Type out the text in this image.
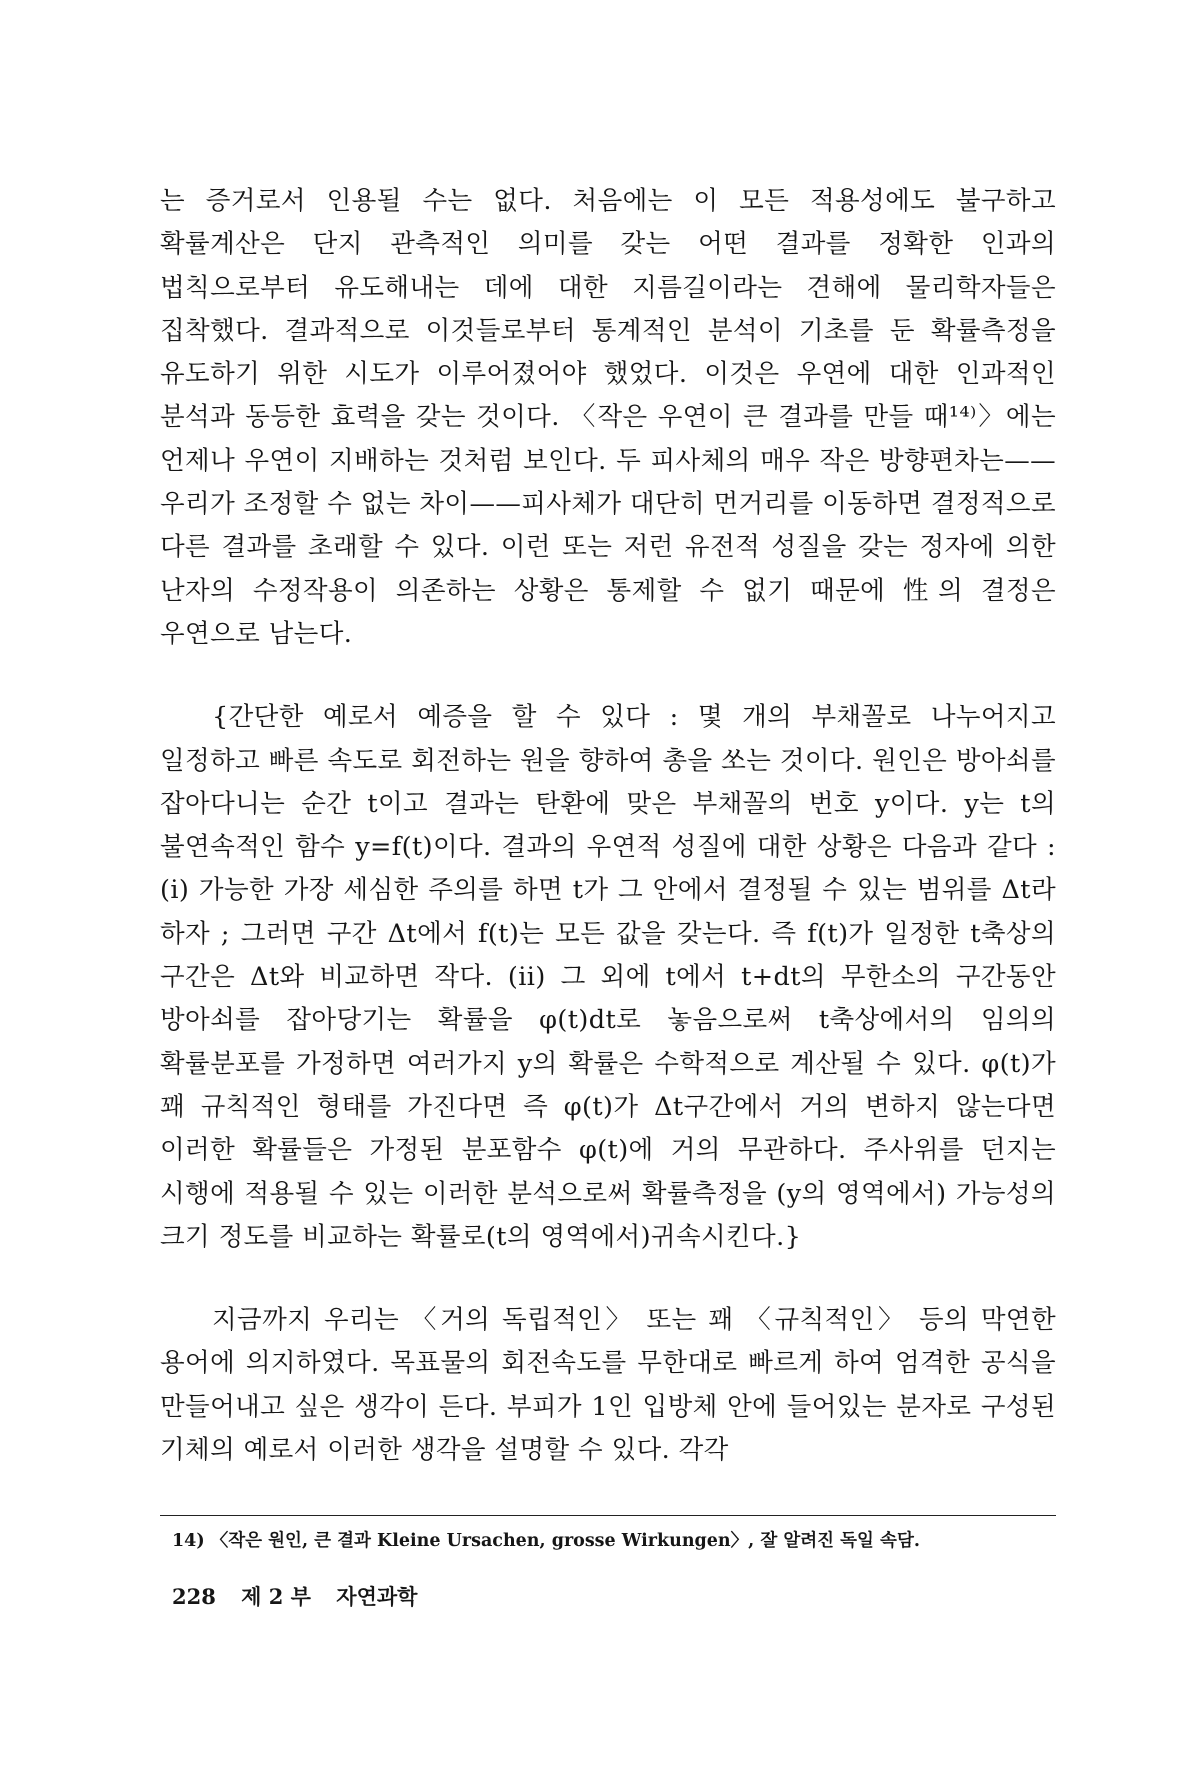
는 증거로서 인용될 수는 없다. 처음에는 이 모든 적용성에도 불구하고 확률계산은 단지 관측적인 의미를 갖는 어떤 결과를 정확한 인과의 법칙으로부터 유도해내는 데에 대한 지름길이라는 견해에 물리학자들은 집착했다. 결과적으로 이것들로부터 통계적인 분석이 기초를 둔 확률측정을 유도하기 위한 시도가 이루어졌어야 했었다. 이것은 우연에 대한 인과적인 분석과 동등한 효력을 갖는 것이다. 〈작은 우연이 큰 결과를 만들 때¹⁴⁾〉에는 언제나 우연이 지배하는 것처럼 보인다. 두 피사체의 매우 작은 방향편차는——우리가 조정할 수 없는 차이——피사체가 대단히 먼거리를 이동하면 결정적으로 다른 결과를 초래할 수 있다. 이런 또는 저런 유전적 성질을 갖는 정자에 의한 난자의 수정작용이 의존하는 상황은 통제할 수 없기 때문에 性의 결정은 우연으로 남는다.

{간단한 예로서 예증을 할 수 있다 : 몇 개의 부채꼴로 나누어지고 일정하고 빠른 속도로 회전하는 원을 향하여 총을 쏘는 것이다. 원인은 방아쇠를 잡아다니는 순간 t이고 결과는 탄환에 맞은 부채꼴의 번호 y이다. y는 t의 불연속적인 함수 y=f(t)이다. 결과의 우연적 성질에 대한 상황은 다음과 같다 : (i) 가능한 가장 세심한 주의를 하면 t가 그 안에서 결정될 수 있는 범위를 Δt라 하자 ; 그러면 구간 Δt에서 f(t)는 모든 값을 갖는다. 즉 f(t)가 일정한 t축상의 구간은 Δt와 비교하면 작다. (ii) 그 외에 t에서 t+dt의 무한소의 구간동안 방아쇠를 잡아당기는 확률을 φ(t)dt로 놓음으로써 t축상에서의 임의의 확률분포를 가정하면 여러가지 y의 확률은 수학적으로 계산될 수 있다. φ(t)가 꽤 규칙적인 형태를 가진다면 즉 φ(t)가 Δt구간에서 거의 변하지 않는다면 이러한 확률들은 가정된 분포함수 φ(t)에 거의 무관하다. 주사위를 던지는 시행에 적용될 수 있는 이러한 분석으로써 확률측정을 (y의 영역에서) 가능성의 크기 정도를 비교하는 확률로(t의 영역에서)귀속시킨다.}

지금까지 우리는 〈거의 독립적인〉 또는 꽤 〈규칙적인〉 등의 막연한 용어에 의지하였다. 목표물의 회전속도를 무한대로 빠르게 하여 엄격한 공식을 만들어내고 싶은 생각이 든다. 부피가 1인 입방체 안에 들어있는 분자로 구성된 기체의 예로서 이러한 생각을 설명할 수 있다. 각각

14) 〈작은 원인, 큰 결과 Kleine Ursachen, grosse Wirkungen〉, 잘 알려진 독일 속담.
228 제 2 부 자연과학
